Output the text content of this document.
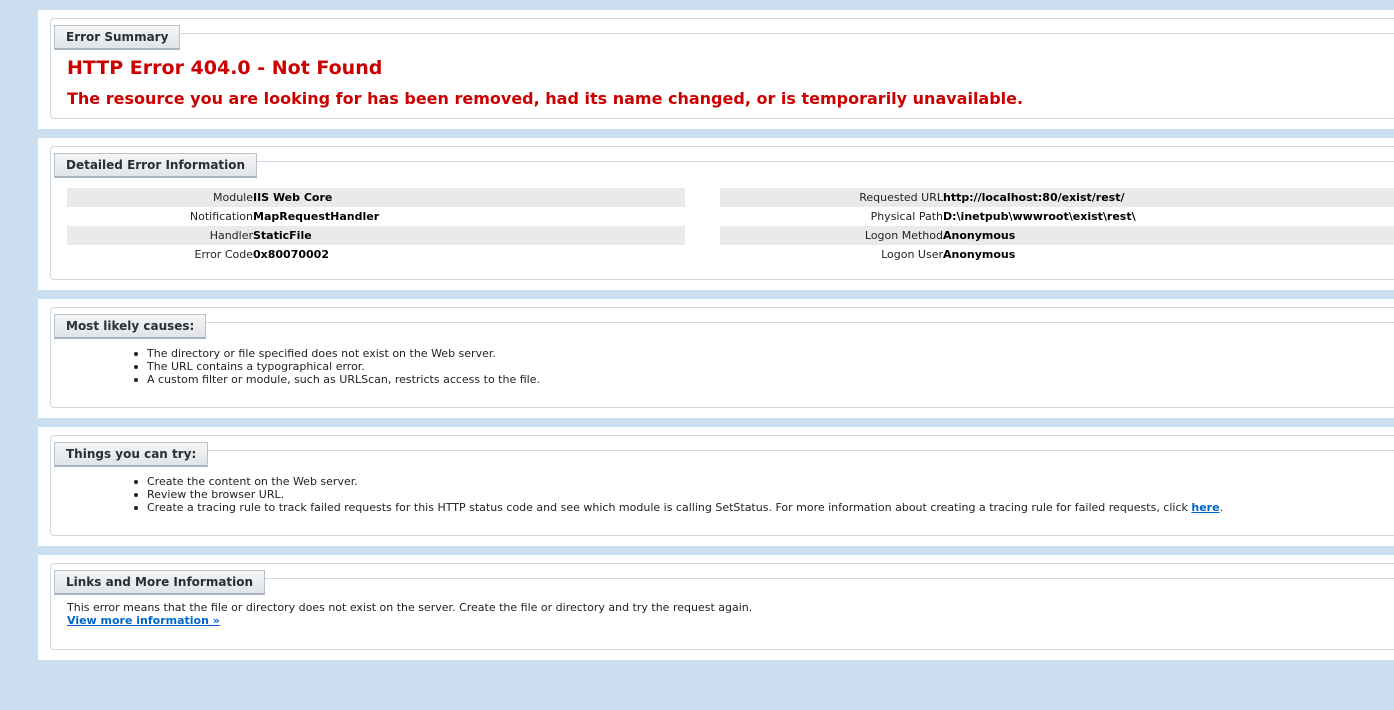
Error Summary
HTTP Error 404.0 - Not Found
The resource you are looking for has been removed, had its name changed, or is temporarily unavailable.
Detailed Error Information
Module IIS Web Core
Notification MapRequestHandler
Handler StaticFile
Error Code 0x80070002
Requested URL http://localhost:80/exist/rest/
Physical Path D:\inetpub\wwwroot\exist\rest\
Logon Method Anonymous
Logon User Anonymous
Most likely causes:
The directory or file specified does not exist on the Web server.
The URL contains a typographical error.
A custom filter or module, such as URLScan, restricts access to the file.
Things you can try:
Create the content on the Web server.
Review the browser URL.
Create a tracing rule to track failed requests for this HTTP status code and see which module is calling SetStatus. For more information about creating a tracing rule for failed requests, click here.
Links and More Information
This error means that the file or directory does not exist on the server. Create the file or directory and try the request again.
View more information »
